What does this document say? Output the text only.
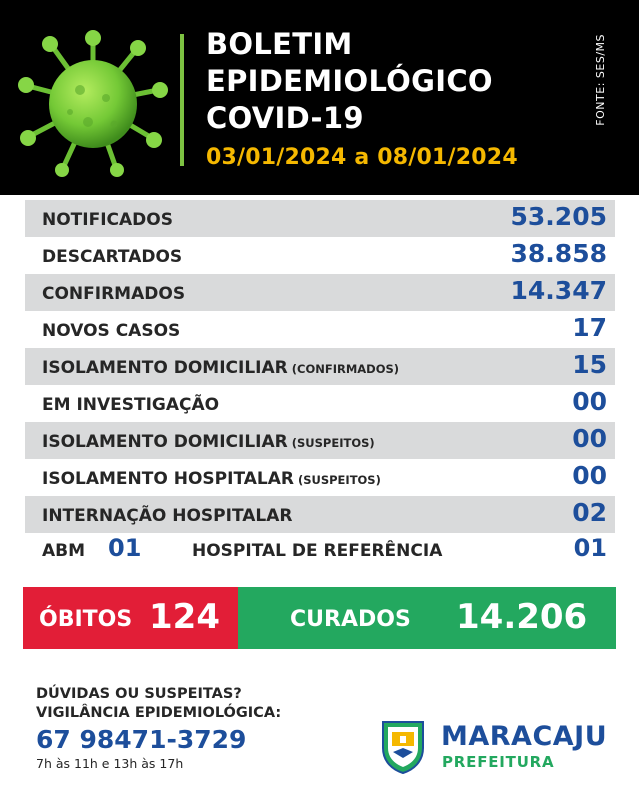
BOLETIM
EPIDEMIOLÓGICO
COVID-19
03/01/2024 a 08/01/2024
FONTE: SES/MS
NOTIFICADOS	53.205
DESCARTADOS	38.858
CONFIRMADOS	14.347
NOVOS CASOS	17
ISOLAMENTO DOMICILIAR (CONFIRMADOS)	15
EM INVESTIGAÇÃO	00
ISOLAMENTO DOMICILIAR (SUSPEITOS)	00
ISOLAMENTO HOSPITALAR (SUSPEITOS)	00
INTERNAÇÃO HOSPITALAR	02
ABM 01	HOSPITAL DE REFERÊNCIA	01
ÓBITOS 124	CURADOS 14.206
DÚVIDAS OU SUSPEITAS?
VIGILÂNCIA EPIDEMIOLÓGICA:
67 98471-3729
7h às 11h e 13h às 17h
MARACAJU
PREFEITURA
